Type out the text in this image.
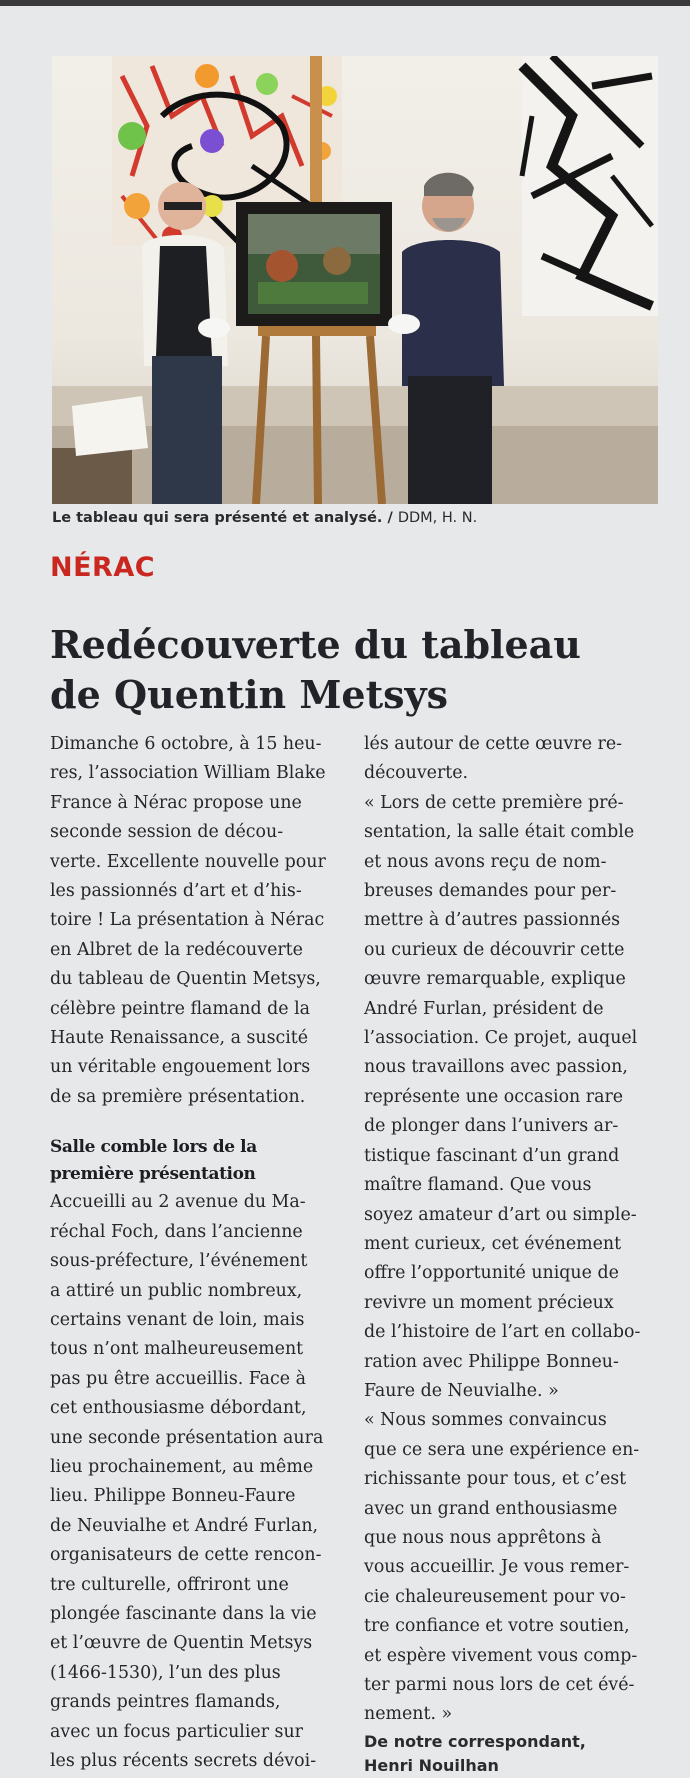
Le tableau qui sera présenté et analysé. / DDM, H. N.
NÉRAC
Redécouverte du tableau
de Quentin Metsys
Dimanche 6 octobre, à 15 heu-
res, l’association William Blake
France à Nérac propose une
seconde session de décou-
verte. Excellente nouvelle pour
les passionnés d’art et d’his-
toire ! La présentation à Nérac
en Albret de la redécouverte
du tableau de Quentin Metsys,
célèbre peintre flamand de la
Haute Renaissance, a suscité
un véritable engouement lors
de sa première présentation.
Salle comble lors de la
première présentation
Accueilli au 2 avenue du Ma-
réchal Foch, dans l’ancienne
sous-préfecture, l’événement
a attiré un public nombreux,
certains venant de loin, mais
tous n’ont malheureusement
pas pu être accueillis. Face à
cet enthousiasme débordant,
une seconde présentation aura
lieu prochainement, au même
lieu. Philippe Bonneu-Faure
de Neuvialhe et André Furlan,
organisateurs de cette rencon-
tre culturelle, offriront une
plongée fascinante dans la vie
et l’œuvre de Quentin Metsys
(1466-1530), l’un des plus
grands peintres flamands,
avec un focus particulier sur
les plus récents secrets dévoi-
lés autour de cette œuvre re-
découverte.
« Lors de cette première pré-
sentation, la salle était comble
et nous avons reçu de nom-
breuses demandes pour per-
mettre à d’autres passionnés
ou curieux de découvrir cette
œuvre remarquable, explique
André Furlan, président de
l’association. Ce projet, auquel
nous travaillons avec passion,
représente une occasion rare
de plonger dans l’univers ar-
tistique fascinant d’un grand
maître flamand. Que vous
soyez amateur d’art ou simple-
ment curieux, cet événement
offre l’opportunité unique de
revivre un moment précieux
de l’histoire de l’art en collabo-
ration avec Philippe Bonneu-
Faure de Neuvialhe. »
« Nous sommes convaincus
que ce sera une expérience en-
richissante pour tous, et c’est
avec un grand enthousiasme
que nous nous apprêtons à
vous accueillir. Je vous remer-
cie chaleureusement pour vo-
tre confiance et votre soutien,
et espère vivement vous comp-
ter parmi nous lors de cet évé-
nement. »
De notre correspondant,
Henri Nouilhan
